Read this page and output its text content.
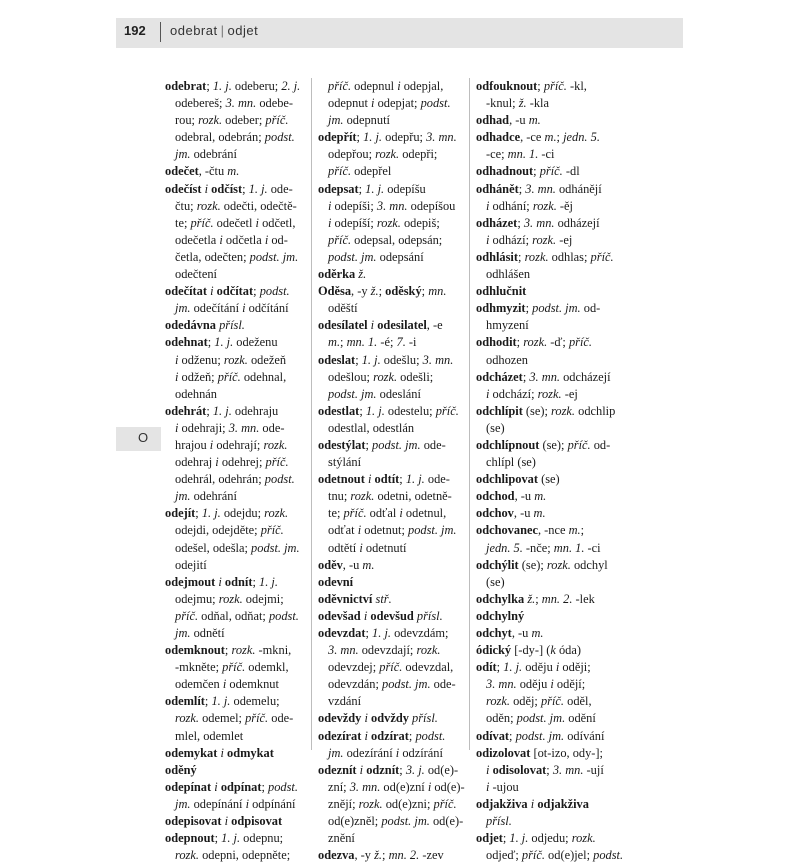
192 odebrat | odjet
O
odebrat; 1. j. odeberu; 2. j.
odebereš; 3. mn. odebe-
rou; rozk. odeber; příč.
odebral, odebrán; podst.
jm. odebrání
odečet, -čtu m.
odečíst i odčíst; 1. j. ode-
čtu; rozk. odečti, odečtě-
te; příč. odečetl i odčetl,
odečetla i odčetla i od-
četla, odečten; podst. jm.
odečtení
odečítat i odčítat; podst.
jm. odečítání i odčítání
odedávna přísl.
odehnat; 1. j. odeženu
i odženu; rozk. odežeň
i odžeň; příč. odehnal,
odehnán
odehrát; 1. j. odehraju
i odehraji; 3. mn. ode-
hrajou i odehrají; rozk.
odehraj i odehrej; příč.
odehrál, odehrán; podst.
jm. odehrání
odejít; 1. j. odejdu; rozk.
odejdi, odejděte; příč.
odešel, odešla; podst. jm.
odejití
odejmout i odnít; 1. j.
odejmu; rozk. odejmi;
příč. odňal, odňat; podst.
jm. odnětí
odemknout; rozk. -mkni,
-mkněte; příč. odemkl,
odemčen i odemknut
odemlít; 1. j. odemelu;
rozk. odemel; příč. ode-
mlel, odemlet
odemykat i odmykat
oděný
odepínat i odpínat; podst.
jm. odepínání i odpínání
odepisovat i odpisovat
odepnout; 1. j. odepnu;
rozk. odepni, odepněte;
příč. odepnul i odepjal,
odepnut i odepjat; podst.
jm. odepnutí
odepřít; 1. j. odepřu; 3. mn.
odepřou; rozk. odepři;
příč. odepřel
odepsat; 1. j. odepíšu
i odepíši; 3. mn. odepíšou
i odepíší; rozk. odepiš;
příč. odepsal, odepsán;
podst. jm. odepsání
oděrka ž.
Oděsa, -y ž.; oděský; mn.
oděští
odesílatel i odesilatel, -e
m.; mn. 1. -é; 7. -i
odeslat; 1. j. odešlu; 3. mn.
odešlou; rozk. odešli;
podst. jm. odeslání
odestlat; 1. j. odestelu; příč.
odestlal, odestlán
odestýlat; podst. jm. ode-
stýlání
odetnout i odtít; 1. j. ode-
tnu; rozk. odetni, odetně-
te; příč. odťal i odetnul,
odťat i odetnut; podst. jm.
odtětí i odetnutí
oděv, -u m.
odevní
oděvnictví stř.
odevšad i odevšud přísl.
odevzdat; 1. j. odevzdám;
3. mn. odevzdají; rozk.
odevzdej; příč. odevzdal,
odevzdán; podst. jm. ode-
vzdání
odevždy i odvždy přísl.
odezírat i odzírat; podst.
jm. odezírání i odzírání
odeznít i odznít; 3. j. od(e)-
zní; 3. mn. od(e)zní i od(e)-
znějí; rozk. od(e)zni; příč.
od(e)zněl; podst. jm. od(e)-
znění
odezva, -y ž.; mn. 2. -zev
odfouknout; příč. -kl,
-knul; ž. -kla
odhad, -u m.
odhadce, -ce m.; jedn. 5.
-ce; mn. 1. -ci
odhadnout; příč. -dl
odhánět; 3. mn. odhánějí
i odhání; rozk. -ěj
odházet; 3. mn. odházejí
i odhází; rozk. -ej
odhlásit; rozk. odhlas; příč.
odhlášen
odhlučnit
odhmyzit; podst. jm. od-
hmyzení
odhodit; rozk. -ď; příč.
odhozen
odcházet; 3. mn. odcházejí
i odchází; rozk. -ej
odchlípit (se); rozk. odchlip
(se)
odchlípnout (se); příč. od-
chlípl (se)
odchlipovat (se)
odchod, -u m.
odchov, -u m.
odchovanec, -nce m.;
jedn. 5. -nče; mn. 1. -ci
odchýlit (se); rozk. odchyl
(se)
odchylka ž.; mn. 2. -lek
odchylný
odchyt, -u m.
ódický [-dy-] (k óda)
odít; 1. j. oděju i oději;
3. mn. oděju i odějí;
rozk. oděj; příč. oděl,
oděn; podst. jm. odění
odívat; podst. jm. odívání
odizolovat [ot-izo, ody-];
i odisolovat; 3. mn. -ují
i -ujou
odjakživa i odjakživa
přísl.
odjet; 1. j. odjedu; rozk.
odjeď; příč. od(e)jel; podst.
